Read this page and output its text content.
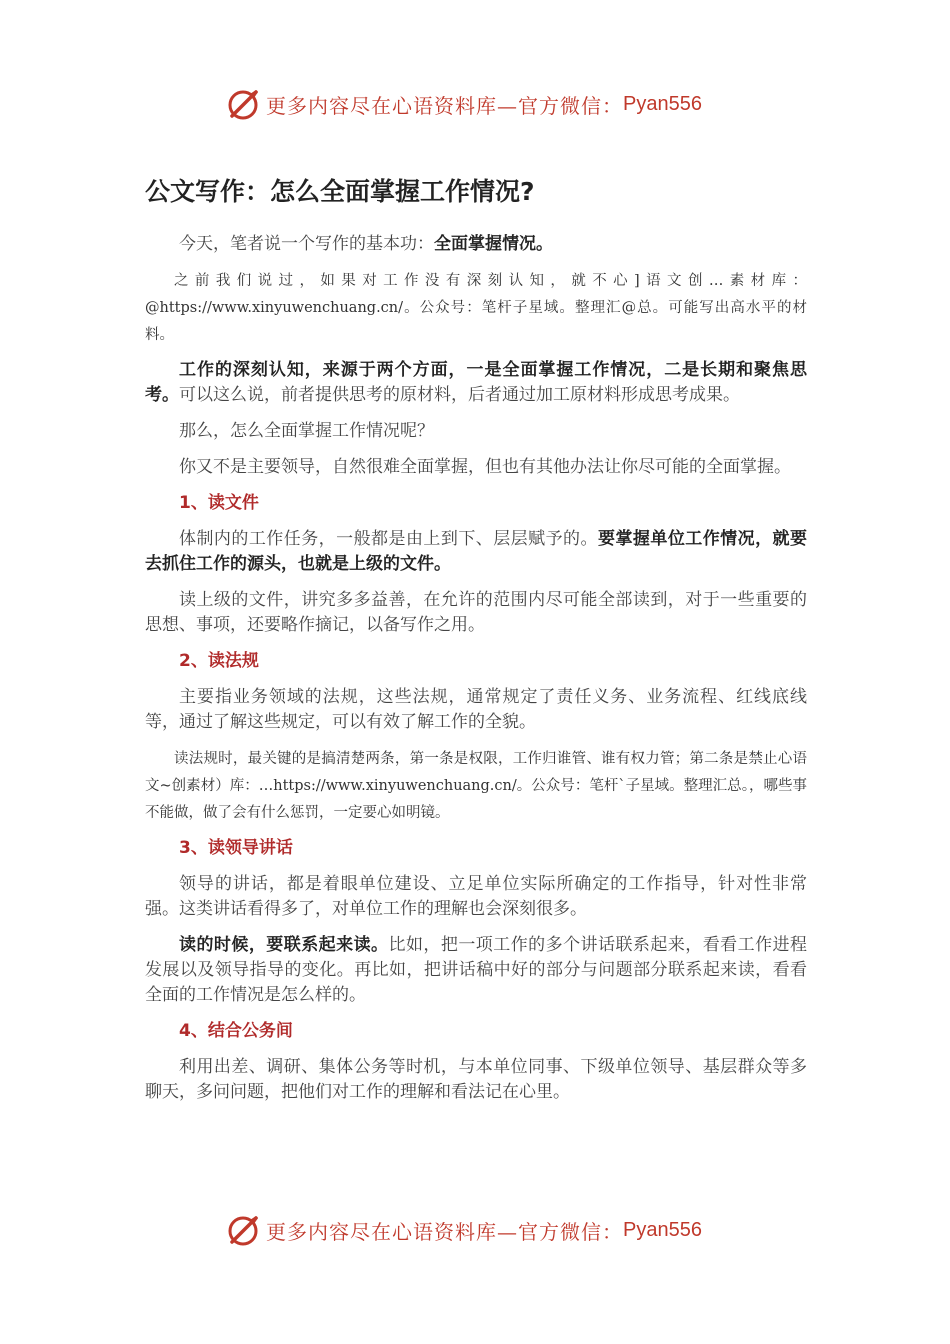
更多内容尽在心语资料库—官方微信： Pyan556
公文写作：怎么全面掌握工作情况?

今天，笔者说一个写作的基本功：全面掌握情况。

之前我们说过，如果对工作没有深刻认知，就不心]语文创…素材库：@https://www.xinyuwenchuang.cn/。公众号：笔杆子星域。整理汇@总。可能写出高水平的材料。

工作的深刻认知，来源于两个方面，一是全面掌握工作情况，二是长期和聚焦思考。可以这么说，前者提供思考的原材料，后者通过加工原材料形成思考成果。

那么，怎么全面掌握工作情况呢？

你又不是主要领导，自然很难全面掌握，但也有其他办法让你尽可能的全面掌握。

1、读文件

体制内的工作任务，一般都是由上到下、层层赋予的。要掌握单位工作情况，就要去抓住工作的源头，也就是上级的文件。

读上级的文件，讲究多多益善，在允许的范围内尽可能全部读到，对于一些重要的思想、事项，还要略作摘记，以备写作之用。

2、读法规

主要指业务领域的法规，这些法规，通常规定了责任义务、业务流程、红线底线等，通过了解这些规定，可以有效了解工作的全貌。

读法规时，最关键的是搞清楚两条，第一条是权限，工作归谁管、谁有权力管；第二条是禁止心语文~创素材）库：…https://www.xinyuwenchuang.cn/。公众号：笔杆`子星域。整理汇总。，哪些事不能做，做了会有什么惩罚，一定要心如明镜。

3、读领导讲话

领导的讲话，都是着眼单位建设、立足单位实际所确定的工作指导，针对性非常强。这类讲话看得多了，对单位工作的理解也会深刻很多。

读的时候，要联系起来读。比如，把一项工作的多个讲话联系起来，看看工作进程发展以及领导指导的变化。再比如，把讲话稿中好的部分与问题部分联系起来读，看看全面的工作情况是怎么样的。

4、结合公务间

利用出差、调研、集体公务等时机，与本单位同事、下级单位领导、基层群众等多聊天，多问问题，把他们对工作的理解和看法记在心里。

更多内容尽在心语资料库—官方微信： Pyan556
